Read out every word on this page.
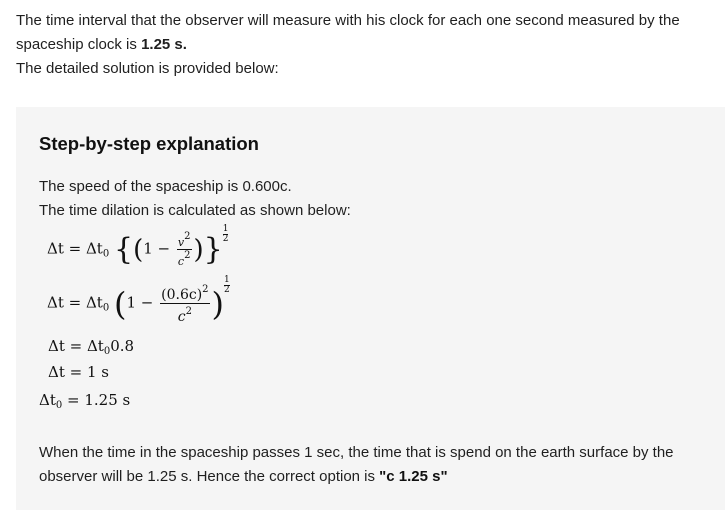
The time interval that the observer will measure with his clock for each one second measured by the spaceship clock is 1.25 s.

The detailed solution is provided below:

Step-by-step explanation
The speed of the spaceship is 0.600c.
The time dilation is calculated as shown below:
$\Delta t = \Delta t_0$ {($1 - \frac{v2}{c2}$ )} $\frac{1}{2}$
$\Delta t = \Delta t_0$ ($1 - \frac{(0.6c)^2}{c^2}$ ) $\frac{1}{2}$
$\Delta t = \Delta t_00.8$
Δt = 1 s
$\Delta t_0 = 1.25$ s
When the time in the spaceship passes 1 sec, the time that is spend on the earth surface by the observer will be 1.25 s. Hence the correct option is "c 1.25 s"
